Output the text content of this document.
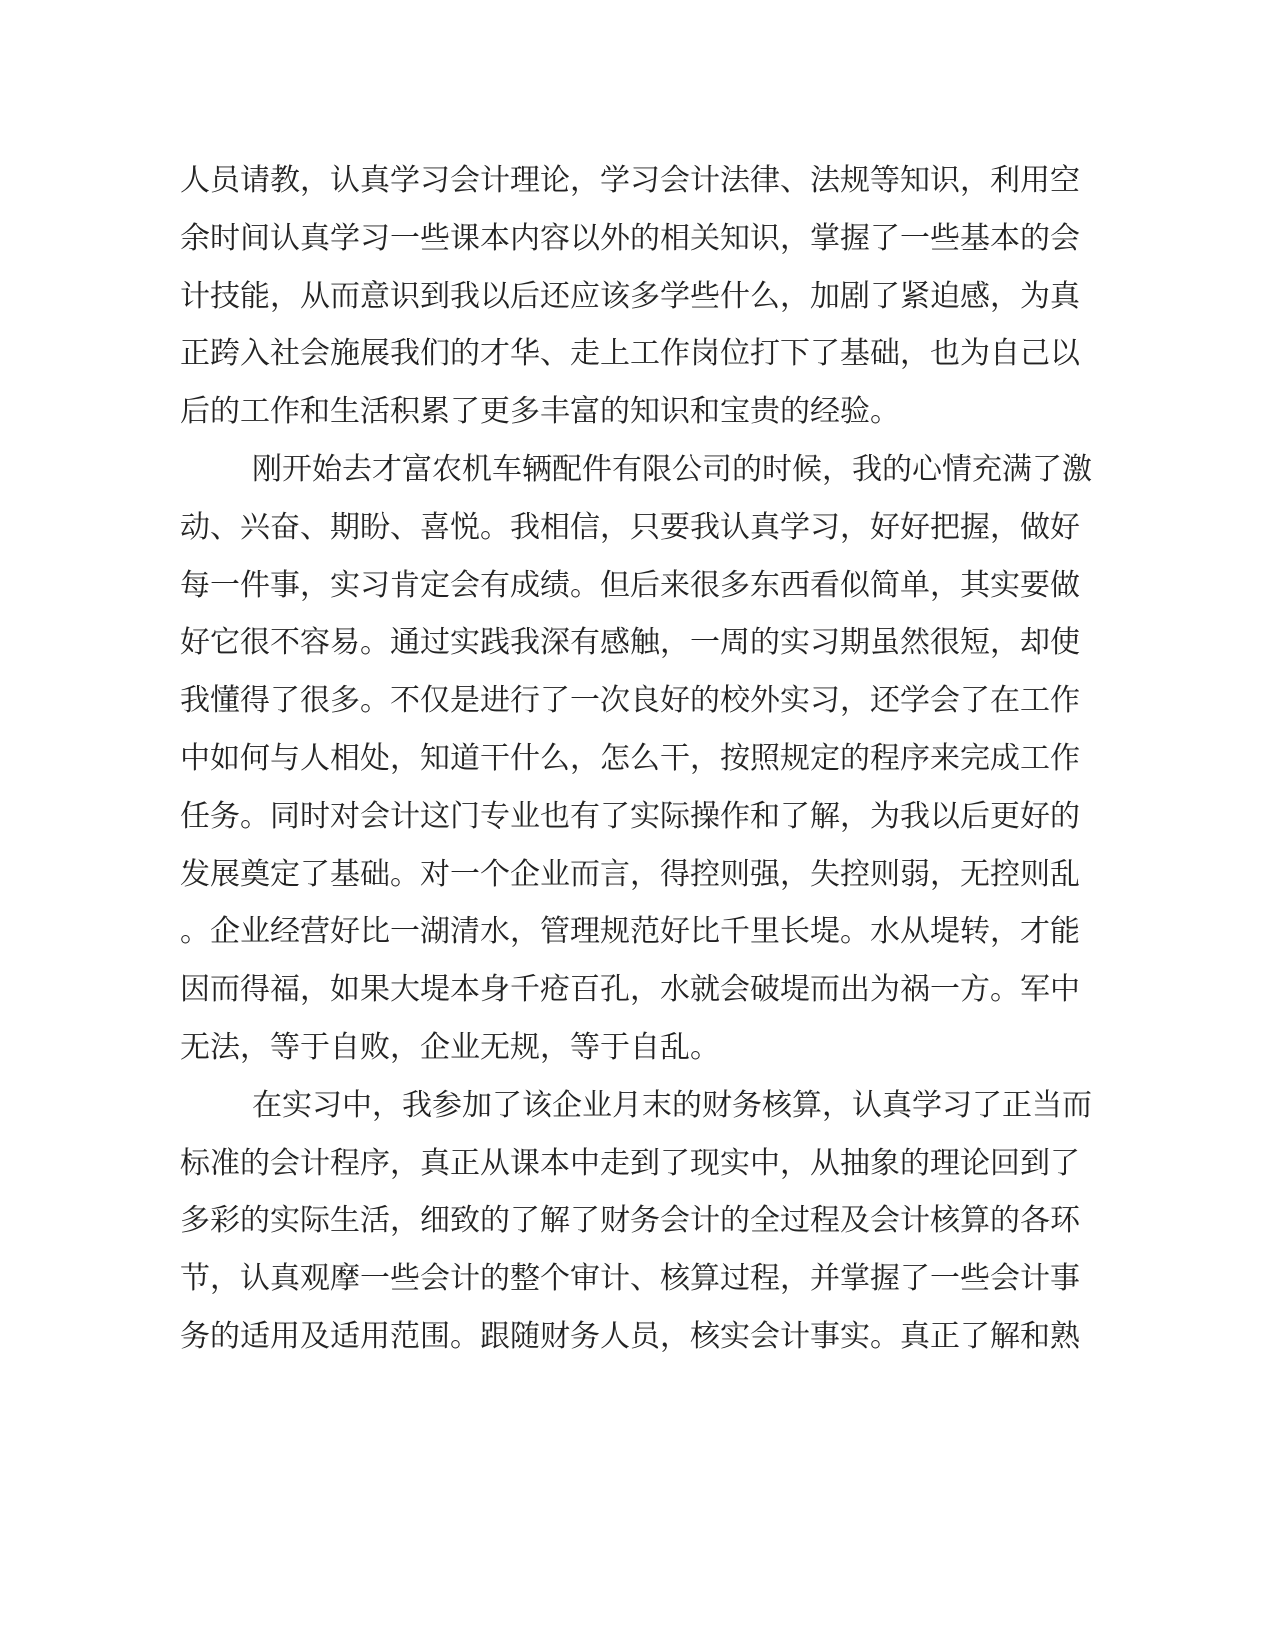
人员请教，认真学习会计理论，学习会计法律、法规等知识，利用空
余时间认真学习一些课本内容以外的相关知识，掌握了一些基本的会
计技能，从而意识到我以后还应该多学些什么，加剧了紧迫感，为真
正跨入社会施展我们的才华、走上工作岗位打下了基础，也为自己以
后的工作和生活积累了更多丰富的知识和宝贵的经验。
刚开始去才富农机车辆配件有限公司的时候，我的心情充满了激
动、兴奋、期盼、喜悦。我相信，只要我认真学习，好好把握，做好
每一件事，实习肯定会有成绩。但后来很多东西看似简单，其实要做
好它很不容易。通过实践我深有感触，一周的实习期虽然很短，却使
我懂得了很多。不仅是进行了一次良好的校外实习，还学会了在工作
中如何与人相处，知道干什么，怎么干，按照规定的程序来完成工作
任务。同时对会计这门专业也有了实际操作和了解，为我以后更好的
发展奠定了基础。对一个企业而言，得控则强，失控则弱，无控则乱
。企业经营好比一湖清水，管理规范好比千里长堤。水从堤转，才能
因而得福，如果大堤本身千疮百孔，水就会破堤而出为祸一方。军中
无法，等于自败，企业无规，等于自乱。
在实习中，我参加了该企业月末的财务核算，认真学习了正当而
标准的会计程序，真正从课本中走到了现实中，从抽象的理论回到了
多彩的实际生活，细致的了解了财务会计的全过程及会计核算的各环
节，认真观摩一些会计的整个审计、核算过程，并掌握了一些会计事
务的适用及适用范围。跟随财务人员，核实会计事实。真正了解和熟
